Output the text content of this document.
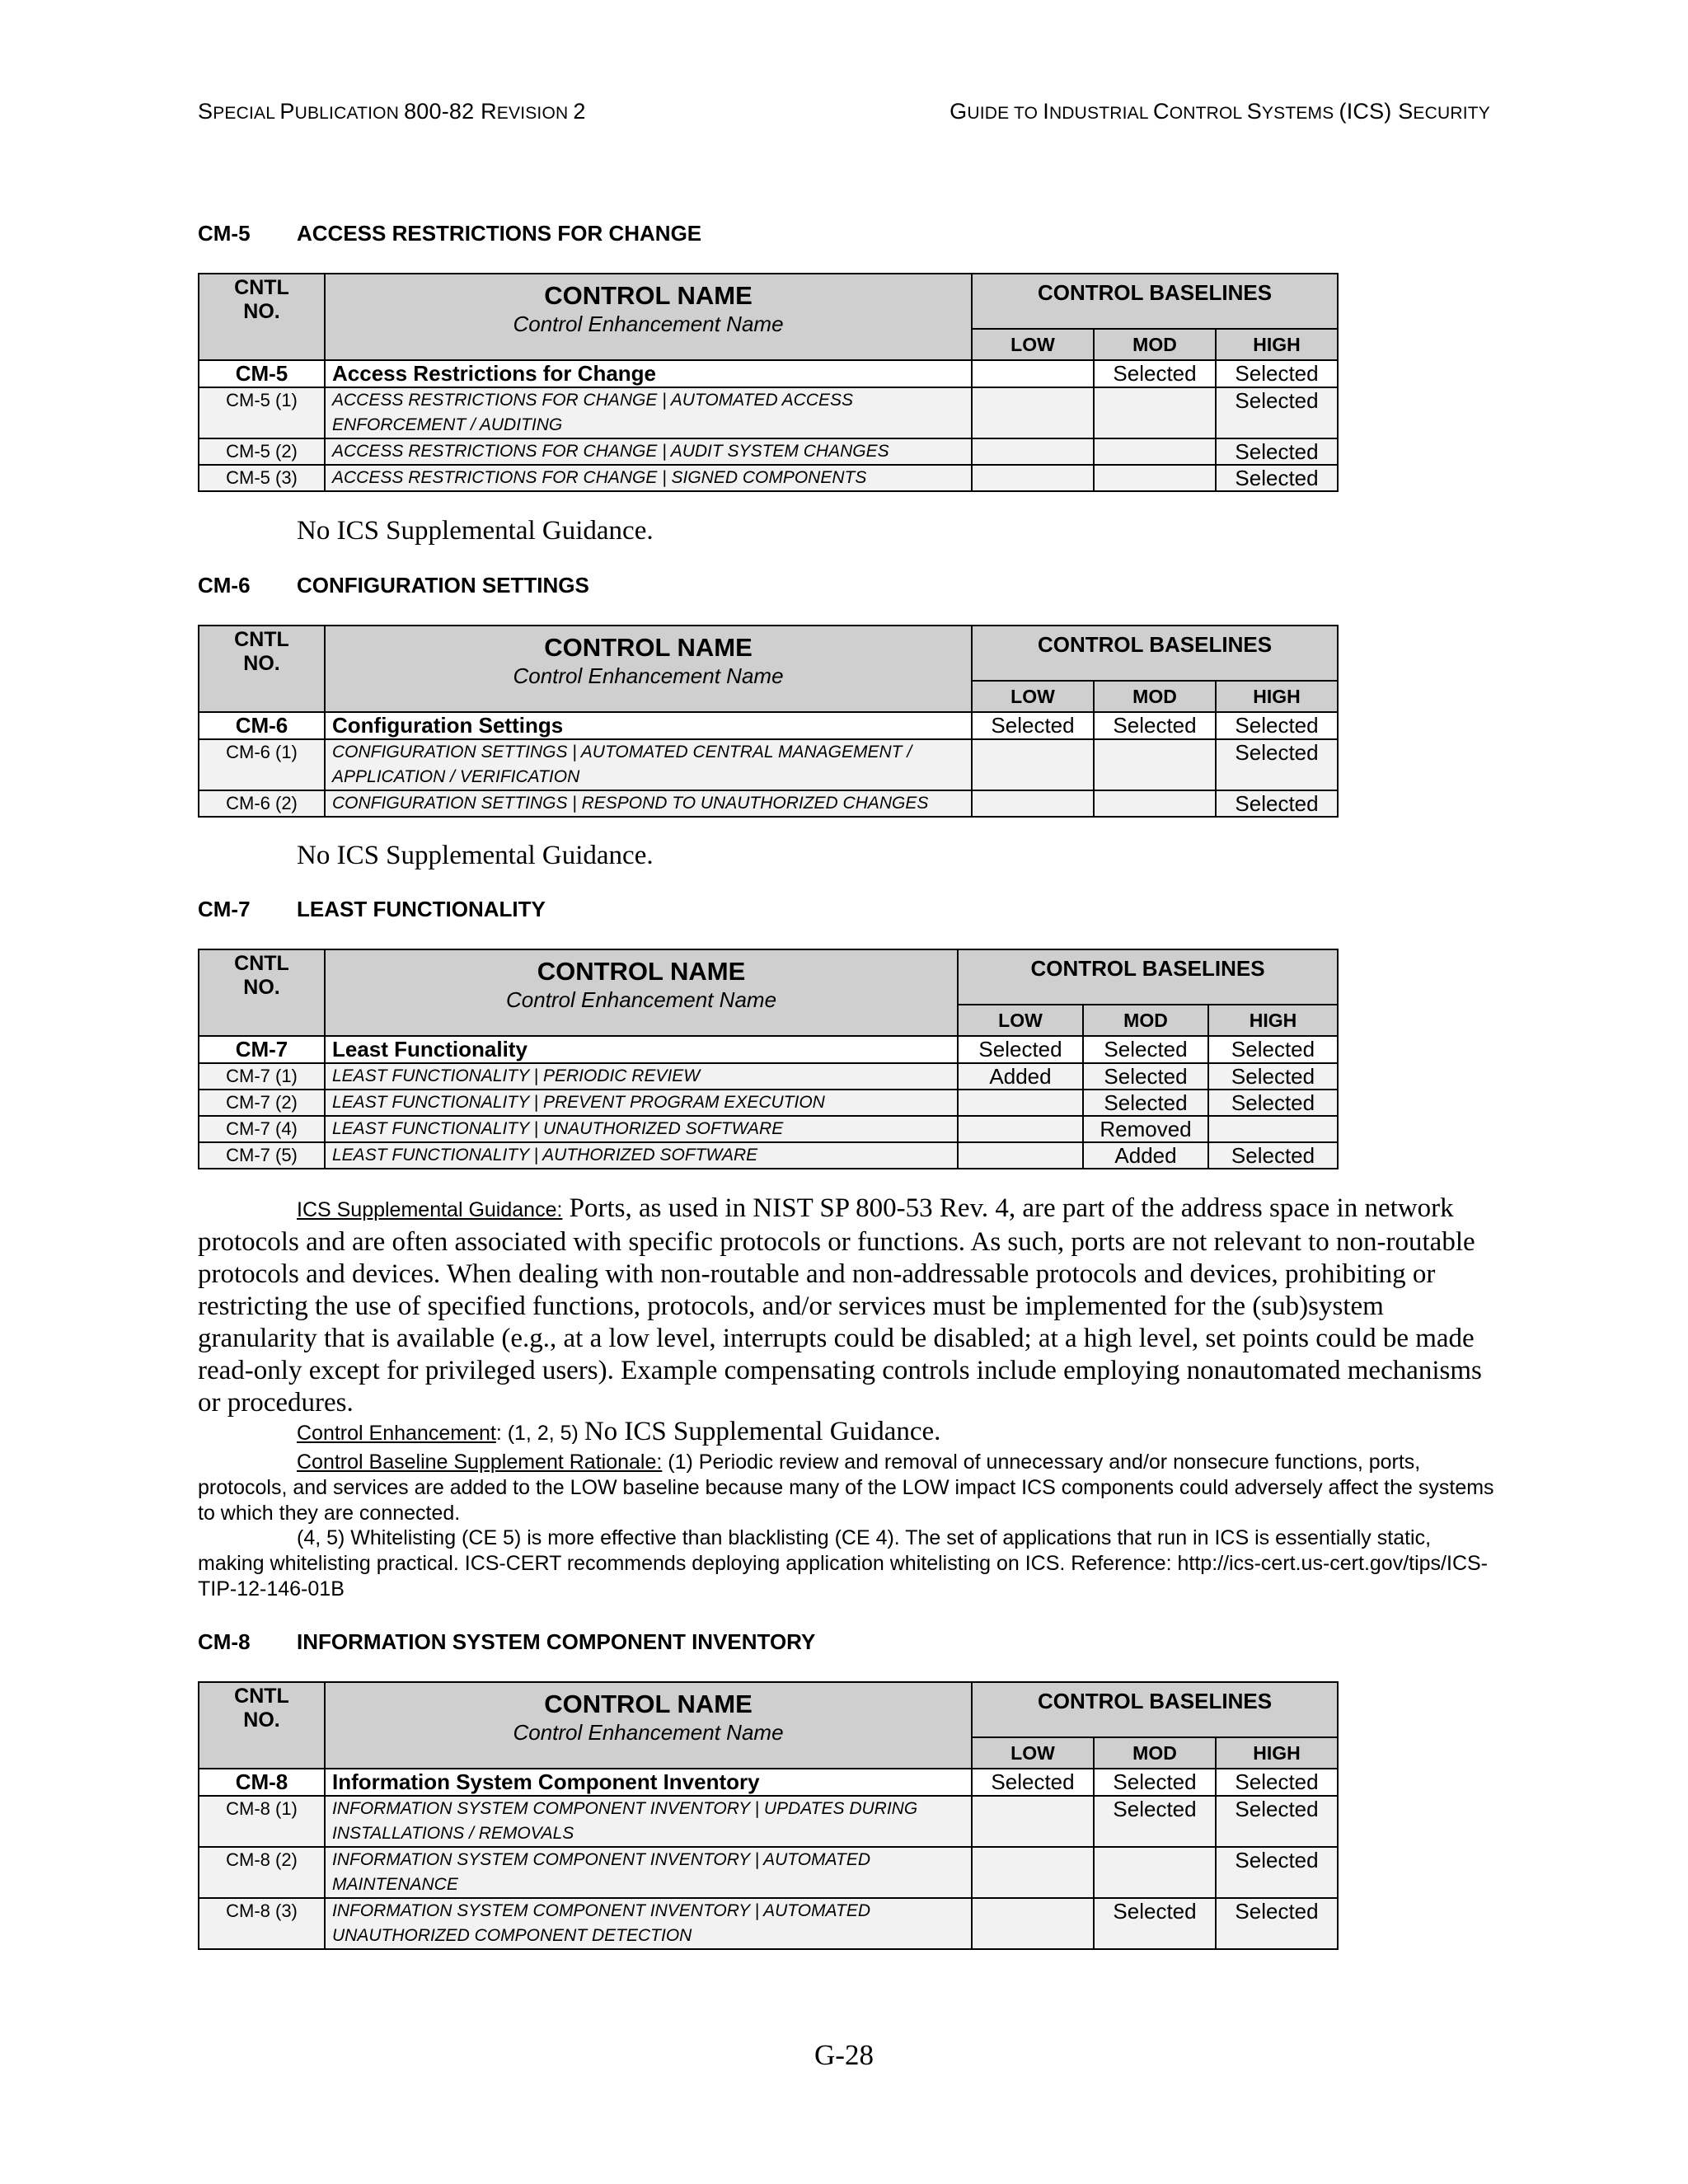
SPECIAL PUBLICATION 800-82 REVISION 2	GUIDE TO INDUSTRIAL CONTROL SYSTEMS (ICS) SECURITY
CM-5 ACCESS RESTRICTIONS FOR CHANGE
CNTL
NO.	CONTROL NAME
Control Enhancement Name	CONTROL BASELINES		
		LOW	MOD	HIGH
CM-5	Access Restrictions for Change		Selected	Selected
CM-5 (1)	ACCESS RESTRICTIONS FOR CHANGE | AUTOMATED ACCESS ENFORCEMENT / AUDITING			Selected
CM-5 (2)	ACCESS RESTRICTIONS FOR CHANGE | AUDIT SYSTEM CHANGES			Selected
CM-5 (3)	ACCESS RESTRICTIONS FOR CHANGE | SIGNED COMPONENTS			Selected
No ICS Supplemental Guidance.
CM-6 CONFIGURATION SETTINGS
CNTL
NO.	CONTROL NAME
Control Enhancement Name	CONTROL BASELINES		
		LOW	MOD	HIGH
CM-6	Configuration Settings	Selected	Selected	Selected
CM-6 (1)	CONFIGURATION SETTINGS | AUTOMATED CENTRAL MANAGEMENT / APPLICATION / VERIFICATION			Selected
CM-6 (2)	CONFIGURATION SETTINGS | RESPOND TO UNAUTHORIZED CHANGES			Selected
No ICS Supplemental Guidance.
CM-7 LEAST FUNCTIONALITY
CNTL
NO.	CONTROL NAME
Control Enhancement Name	CONTROL BASELINES		
		LOW	MOD	HIGH
CM-7	Least Functionality	Selected	Selected	Selected
CM-7 (1)	LEAST FUNCTIONALITY | PERIODIC REVIEW	Added	Selected	Selected
CM-7 (2)	LEAST FUNCTIONALITY | PREVENT PROGRAM EXECUTION		Selected	Selected
CM-7 (4)	LEAST FUNCTIONALITY | UNAUTHORIZED SOFTWARE		Removed	
CM-7 (5)	LEAST FUNCTIONALITY | AUTHORIZED SOFTWARE		Added	Selected
ICS Supplemental Guidance: Ports, as used in NIST SP 800-53 Rev. 4, are part of the address space in network protocols and are often associated with specific protocols or functions. As such, ports are not relevant to non-routable protocols and devices. When dealing with non-routable and non-addressable protocols and devices, prohibiting or restricting the use of specified functions, protocols, and/or services must be implemented for the (sub)system granularity that is available (e.g., at a low level, interrupts could be disabled; at a high level, set points could be made read-only except for privileged users). Example compensating controls include employing nonautomated mechanisms or procedures.
Control Enhancement: (1, 2, 5) No ICS Supplemental Guidance.
Control Baseline Supplement Rationale: (1) Periodic review and removal of unnecessary and/or nonsecure functions, ports, protocols, and services are added to the LOW baseline because many of the LOW impact ICS components could adversely affect the systems to which they are connected.
(4, 5) Whitelisting (CE 5) is more effective than blacklisting (CE 4). The set of applications that run in ICS is essentially static, making whitelisting practical. ICS-CERT recommends deploying application whitelisting on ICS. Reference: http://ics-cert.us-cert.gov/tips/ICS-TIP-12-146-01B
CM-8 INFORMATION SYSTEM COMPONENT INVENTORY
CNTL
NO.	CONTROL NAME
Control Enhancement Name	CONTROL BASELINES		
		LOW	MOD	HIGH
CM-8	Information System Component Inventory	Selected	Selected	Selected
CM-8 (1)	INFORMATION SYSTEM COMPONENT INVENTORY | UPDATES DURING INSTALLATIONS / REMOVALS		Selected	Selected
CM-8 (2)	INFORMATION SYSTEM COMPONENT INVENTORY | AUTOMATED MAINTENANCE			Selected
CM-8 (3)	INFORMATION SYSTEM COMPONENT INVENTORY | AUTOMATED UNAUTHORIZED COMPONENT DETECTION		Selected	Selected
G-28
